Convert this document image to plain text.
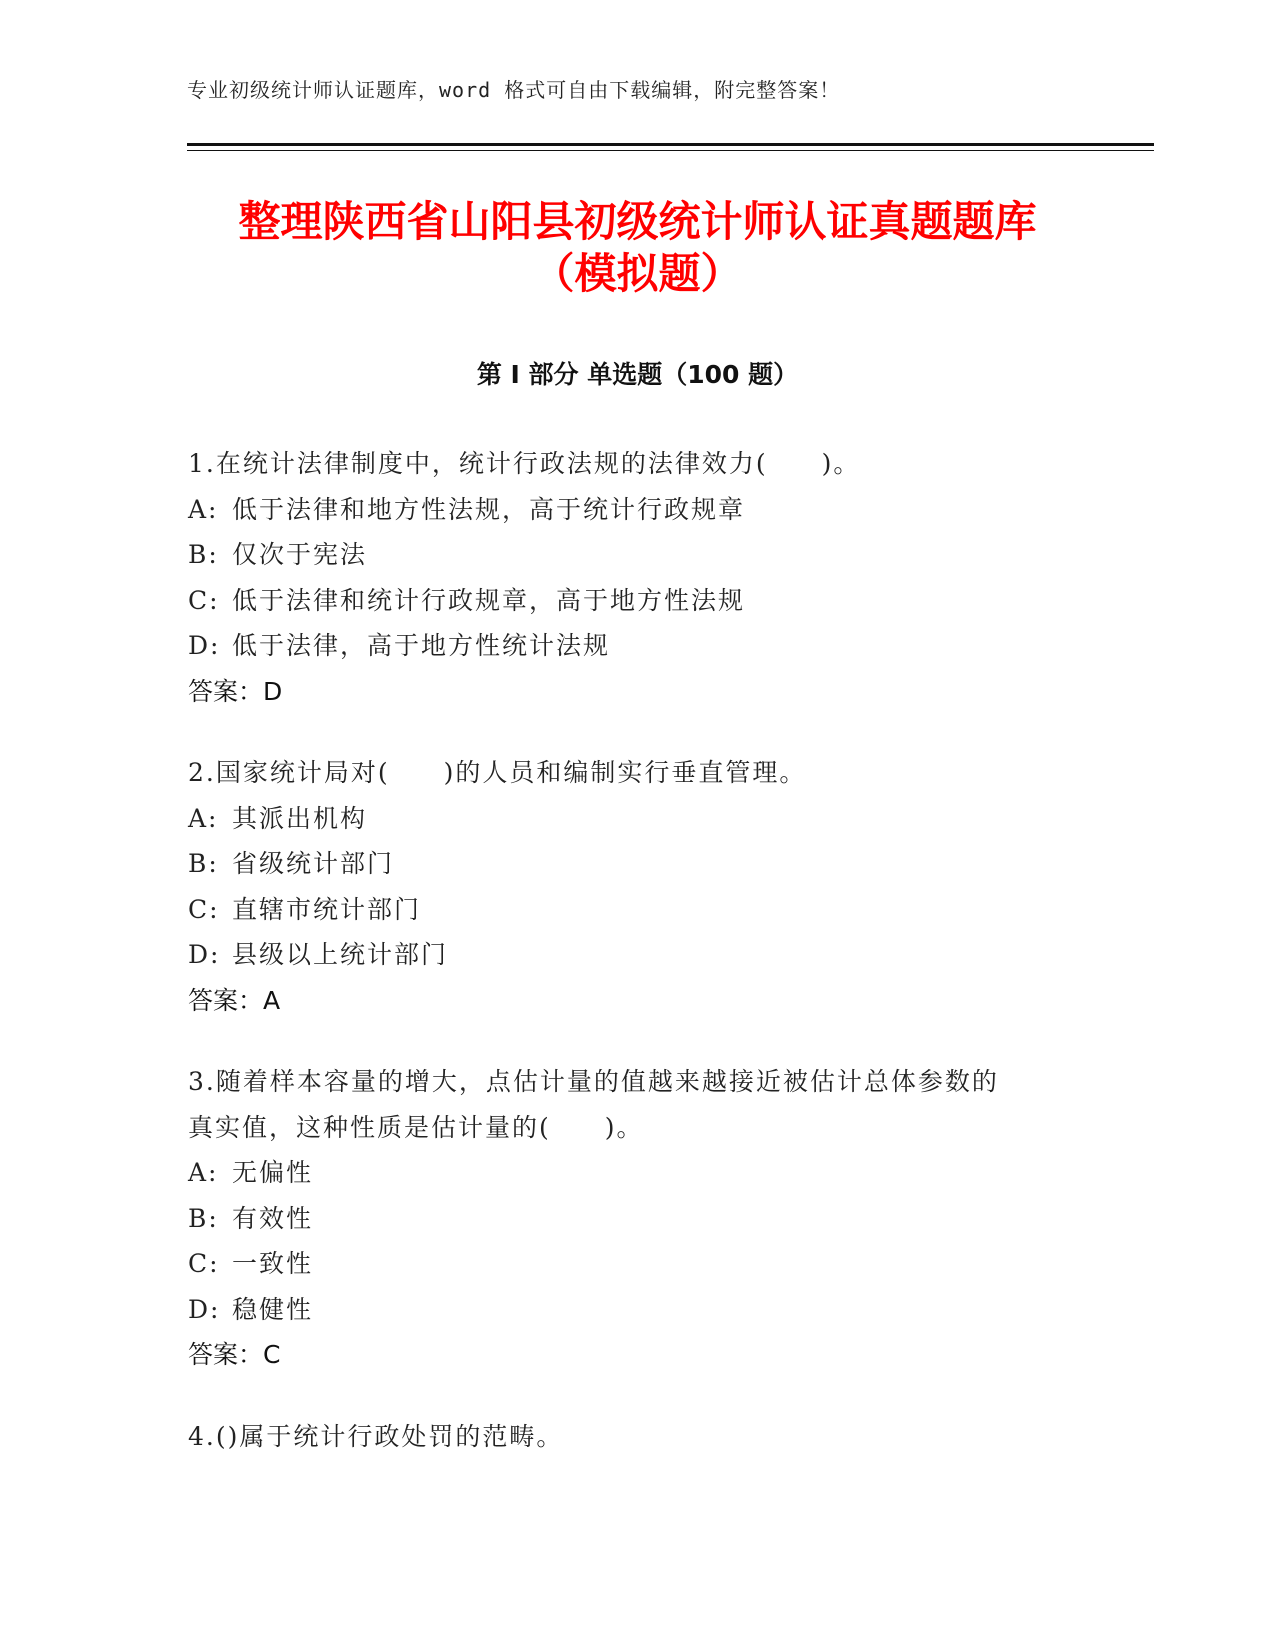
专业初级统计师认证题库，word 格式可自由下载编辑，附完整答案！
整理陕西省山阳县初级统计师认证真题题库
（模拟题）
第 I 部分 单选题（100 题）
1.在统计法律制度中，统计行政法规的法律效力(　　)。
A: 低于法律和地方性法规，高于统计行政规章
B: 仅次于宪法
C: 低于法律和统计行政规章，高于地方性法规
D: 低于法律，高于地方性统计法规
答案：D
2.国家统计局对(　　)的人员和编制实行垂直管理。
A: 其派出机构
B: 省级统计部门
C: 直辖市统计部门
D: 县级以上统计部门
答案：A
3.随着样本容量的增大，点估计量的值越来越接近被估计总体参数的
真实值，这种性质是估计量的(　　)。
A: 无偏性
B: 有效性
C: 一致性
D: 稳健性
答案：C
4.()属于统计行政处罚的范畴。
